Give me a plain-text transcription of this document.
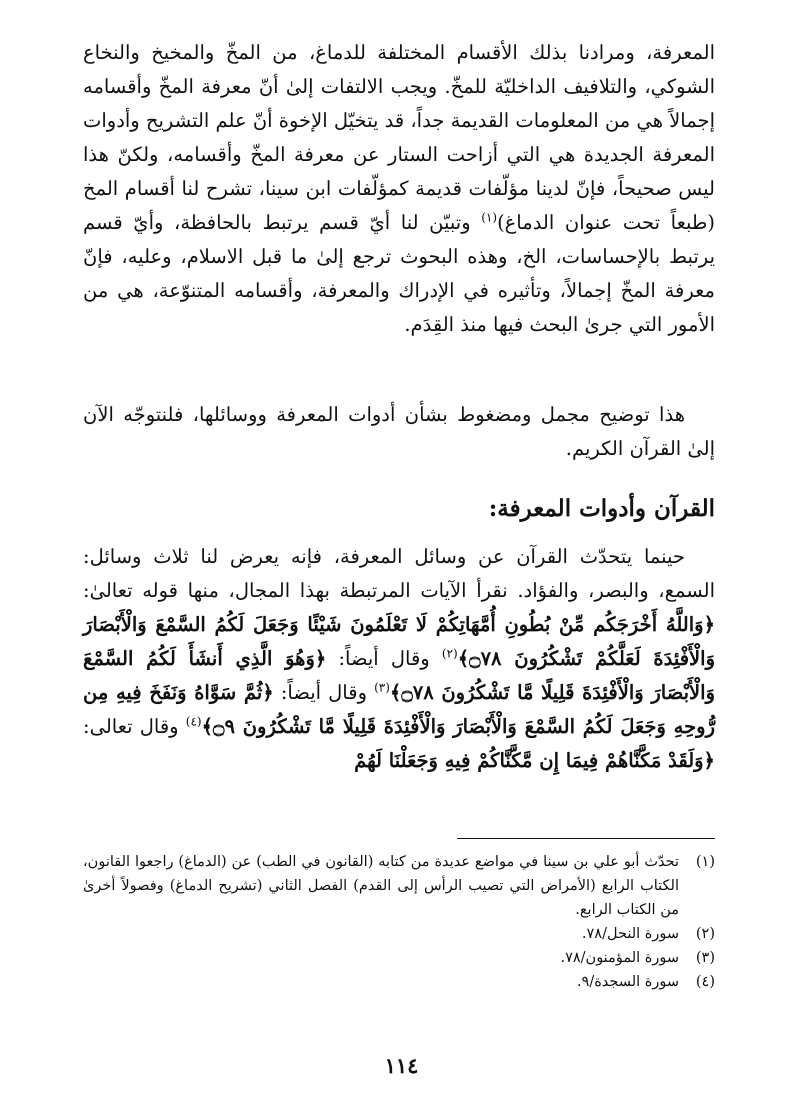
المعرفة، ومرادنا بذلك الأقسام المختلفة للدماغ، من المخّ والمخيخ والنخاع الشوكي، والتلافيف الداخليّة للمخّ. ويجب الالتفات إلىٰ أنّ معرفة المخّ وأقسامه إجمالاً هي من المعلومات القديمة جداً، قد يتخيّل الإخوة أنّ علم التشريح وأدوات المعرفة الجديدة هي التي أزاحت الستار عن معرفة المخّ وأقسامه، ولكنّ هذا ليس صحيحاً، فإنّ لدينا مؤلّفات قديمة كمؤلّفات ابن سينا، تشرح لنا أقسام المخ (طبعاً تحت عنوان الدماغ)$^{(١)}$ وتبيّن لنا أيّ قسم يرتبط بالحافظة، وأيّ قسم يرتبط بالإحساسات، الخ، وهذه البحوث ترجع إلىٰ ما قبل الاسلام، وعليه، فإنّ معرفة المخّ إجمالاً، وتأثيره في الإدراك والمعرفة، وأقسامه المتنوّعة، هي من الأمور التي جرىٰ البحث فيها منذ القِدَم.

هذا توضيح مجمل ومضغوط بشأن أدوات المعرفة ووسائلها، فلنتوجّه الآن إلىٰ القرآن الكريم.

القرآن وأدوات المعرفة:

حينما يتحدّث القرآن عن وسائل المعرفة، فإنه يعرض لنا ثلاث وسائل: السمع، والبصر، والفؤاد. نقرأ الآيات المرتبطة بهذا المجال، منها قوله تعالىٰ: ﴿وَاللَّهُ أَخْرَجَكُم مِّنْ بُطُونِ أُمَّهَاتِكُمْ لَا تَعْلَمُونَ شَيْئًا وَجَعَلَ لَكُمُ السَّمْعَ وَالْأَبْصَارَ وَالْأَفْئِدَةَ لَعَلَّكُمْ تَشْكُرُونَ ۝٧٨﴾$^{(٢)}$ وقال أيضاً: ﴿وَهُوَ الَّذِي أَنشَأَ لَكُمُ السَّمْعَ وَالْأَبْصَارَ وَالْأَفْئِدَةَ قَلِيلًا مَّا تَشْكُرُونَ ۝٧٨﴾$^{(٣)}$ وقال أيضاً: ﴿ثُمَّ سَوَّاهُ وَنَفَخَ فِيهِ مِن رُّوحِهِ وَجَعَلَ لَكُمُ السَّمْعَ وَالْأَبْصَارَ وَالْأَفْئِدَةَ قَلِيلًا مَّا تَشْكُرُونَ ۝٩﴾$^{(٤)}$ وقال تعالى: ﴿وَلَقَدْ مَكَّنَّاهُمْ فِيمَا إِن مَّكَّنَّاكُمْ فِيهِ وَجَعَلْنَا لَهُمْ

(١)
تحدّث أبو علي بن سينا في مواضع عديدة من كتابه (القانون في الطب) عن (الدماغ) راجعوا القانون، الكتاب الرابع (الأمراض التي تصيب الرأس إلى القدم) الفصل الثاني (تشريح الدماغ) وفصولاً أخرىٰ من الكتاب الرابع.
(٢)
سورة النحل/٧٨.
(٣)
سورة المؤمنون/٧٨.
(٤)
سورة السجدة/٩.
١١٤
